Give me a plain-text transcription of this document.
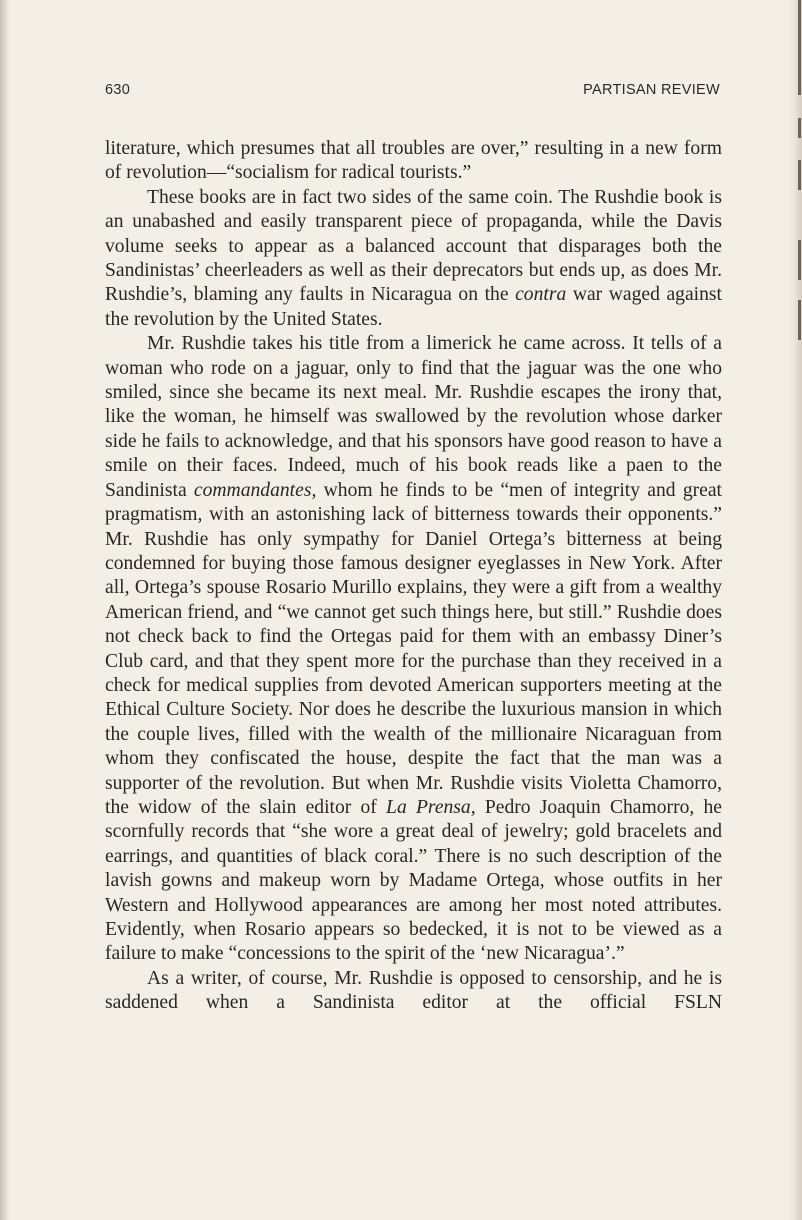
630	PARTISAN REVIEW

literature, which presumes that all troubles are over,” resulting in a new form of revolution—“socialism for radical tourists.”

These books are in fact two sides of the same coin. The Rushdie book is an unabashed and easily transparent piece of propaganda, while the Davis volume seeks to appear as a balanced account that disparages both the Sandinistas’ cheerleaders as well as their deprecators but ends up, as does Mr. Rushdie’s, blaming any faults in Nicaragua on the contra war waged against the revolution by the United States.

Mr. Rushdie takes his title from a limerick he came across. It tells of a woman who rode on a jaguar, only to find that the jaguar was the one who smiled, since she became its next meal. Mr. Rushdie escapes the irony that, like the woman, he himself was swallowed by the revolution whose darker side he fails to acknowledge, and that his sponsors have good reason to have a smile on their faces. Indeed, much of his book reads like a paen to the Sandinista commandantes, whom he finds to be “men of integrity and great pragmatism, with an astonishing lack of bitterness towards their opponents.” Mr. Rushdie has only sympathy for Daniel Ortega’s bitterness at being condemned for buying those famous designer eyeglasses in New York. After all, Ortega’s spouse Rosario Murillo explains, they were a gift from a wealthy American friend, and “we cannot get such things here, but still.” Rushdie does not check back to find the Ortegas paid for them with an embassy Diner’s Club card, and that they spent more for the purchase than they received in a check for medical supplies from devoted American supporters meeting at the Ethical Culture Society. Nor does he describe the luxurious mansion in which the couple lives, filled with the wealth of the millionaire Nicaraguan from whom they confiscated the house, despite the fact that the man was a supporter of the revolution. But when Mr. Rushdie visits Violetta Chamorro, the widow of the slain editor of La Prensa, Pedro Joaquin Chamorro, he scornfully records that “she wore a great deal of jewelry; gold bracelets and earrings, and quantities of black coral.” There is no such description of the lavish gowns and makeup worn by Madame Ortega, whose outfits in her Western and Hollywood appearances are among her most noted attributes. Evidently, when Rosario appears so bedecked, it is not to be viewed as a failure to make “concessions to the spirit of the ‘new Nicaragua’.”

As a writer, of course, Mr. Rushdie is opposed to censorship, and he is saddened when a Sandinista editor at the official FSLN
